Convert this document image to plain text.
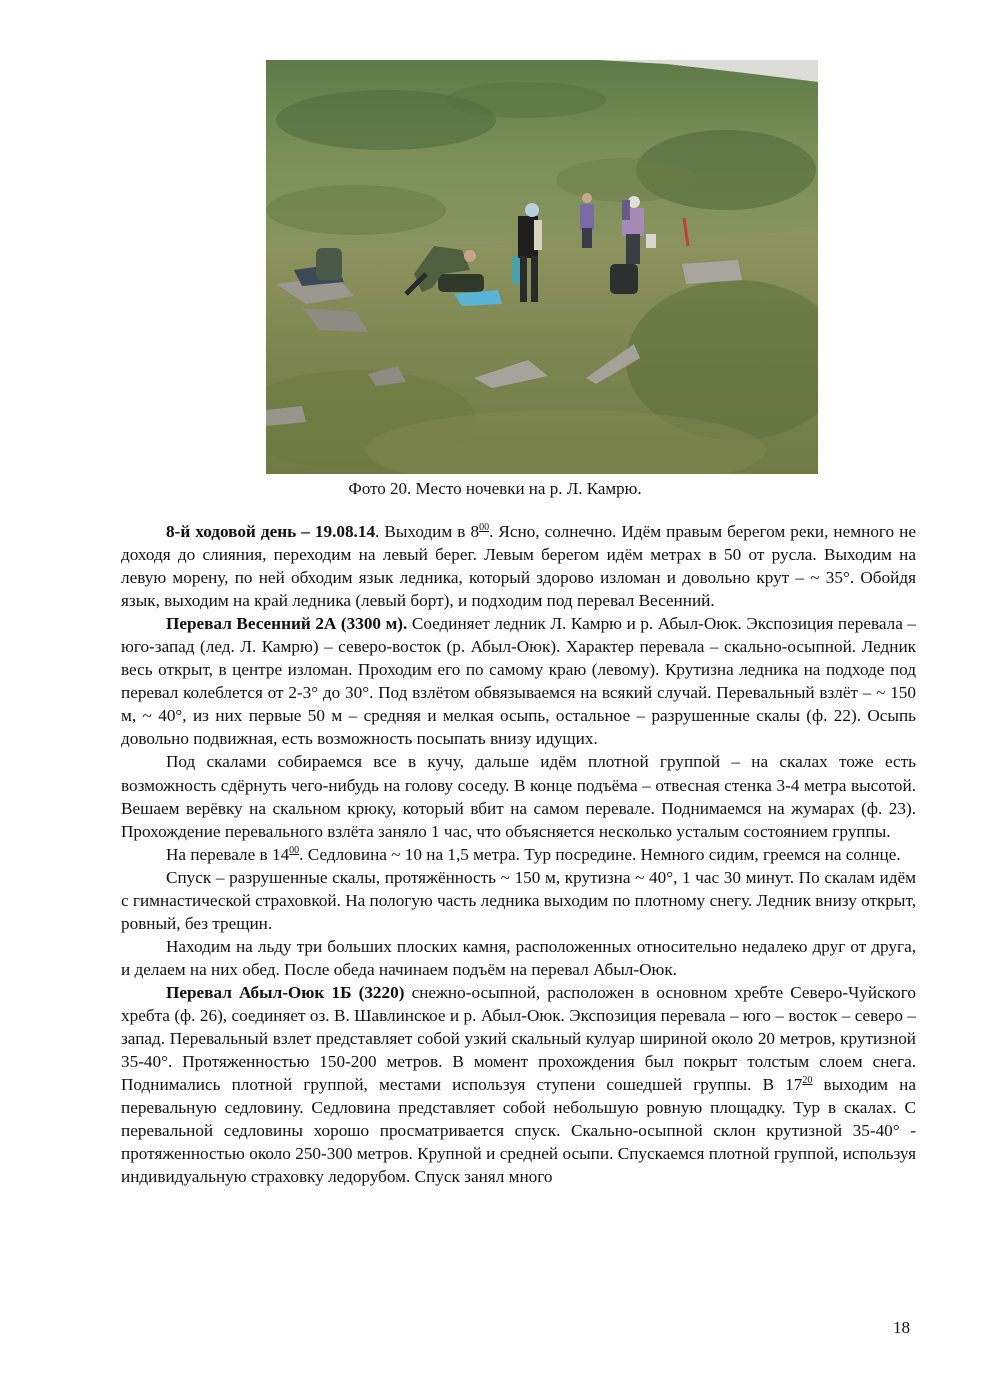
Фото 20. Место ночевки на р. Л. Камрю.

8-й ходовой день – 19.08.14. Выходим в $8^{00}$. Ясно, солнечно. Идём правым берегом реки, немного не доходя до слияния, переходим на левый берег. Левым берегом идём метрах в 50 от русла. Выходим на левую морену, по ней обходим язык ледника, который здорово изломан и довольно крут – ~ 35°. Обойдя язык, выходим на край ледника (левый борт), и подходим под перевал Весенний.

Перевал Весенний 2А (3300 м). Соединяет ледник Л. Камрю и р. Абыл-Оюк. Экспозиция перевала – юго-запад (лед. Л. Камрю) – северо-восток (р. Абыл-Оюк). Характер перевала – скально-осыпной. Ледник весь открыт, в центре изломан. Проходим его по самому краю (левому). Крутизна ледника на подходе под перевал колеблется от 2-3° до 30°. Под взлётом обвязываемся на всякий случай. Перевальный взлёт – ~ 150 м, ~ 40°, из них первые 50 м – средняя и мелкая осыпь, остальное – разрушенные скалы (ф. 22). Осыпь довольно подвижная, есть возможность посыпать внизу идущих.

Под скалами собираемся все в кучу, дальше идём плотной группой – на скалах тоже есть возможность сдёрнуть чего-нибудь на голову соседу. В конце подъёма – отвесная стенка 3-4 метра высотой. Вешаем верёвку на скальном крюку, который вбит на самом перевале. Поднимаемся на жумарах (ф. 23). Прохождение перевального взлёта заняло 1 час, что объясняется несколько усталым состоянием группы.

На перевале в $14^{00}$. Седловина ~ 10 на 1,5 метра. Тур посредине. Немного сидим, греемся на солнце.

Спуск – разрушенные скалы, протяжённость ~ 150 м, крутизна ~ 40°, 1 час 30 минут. По скалам идём с гимнастической страховкой. На пологую часть ледника выходим по плотному снегу. Ледник внизу открыт, ровный, без трещин.

Находим на льду три больших плоских камня, расположенных относительно недалеко друг от друга, и делаем на них обед. После обеда начинаем подъём на перевал Абыл-Оюк.

Перевал Абыл-Оюк 1Б (3220) снежно-осыпной, расположен в основном хребте Северо-Чуйского хребта (ф. 26), соединяет оз. В. Шавлинское и р. Абыл-Оюк. Экспозиция перевала – юго – восток – северо – запад. Перевальный взлет представляет собой узкий скальный кулуар шириной около 20 метров, крутизной 35-40°. Протяженностью 150-200 метров. В момент прохождения был покрыт толстым слоем снега. Поднимались плотной группой, местами используя ступени сошедшей группы. В $17^{20}$ выходим на перевальную седловину. Седловина представляет собой небольшую ровную площадку. Тур в скалах. С перевальной седловины хорошо просматривается спуск. Скально-осыпной склон крутизной 35-40° - протяженностью около 250-300 метров. Крупной и средней осыпи. Спускаемся плотной группой, используя индивидуальную страховку ледорубом. Спуск занял много

18
